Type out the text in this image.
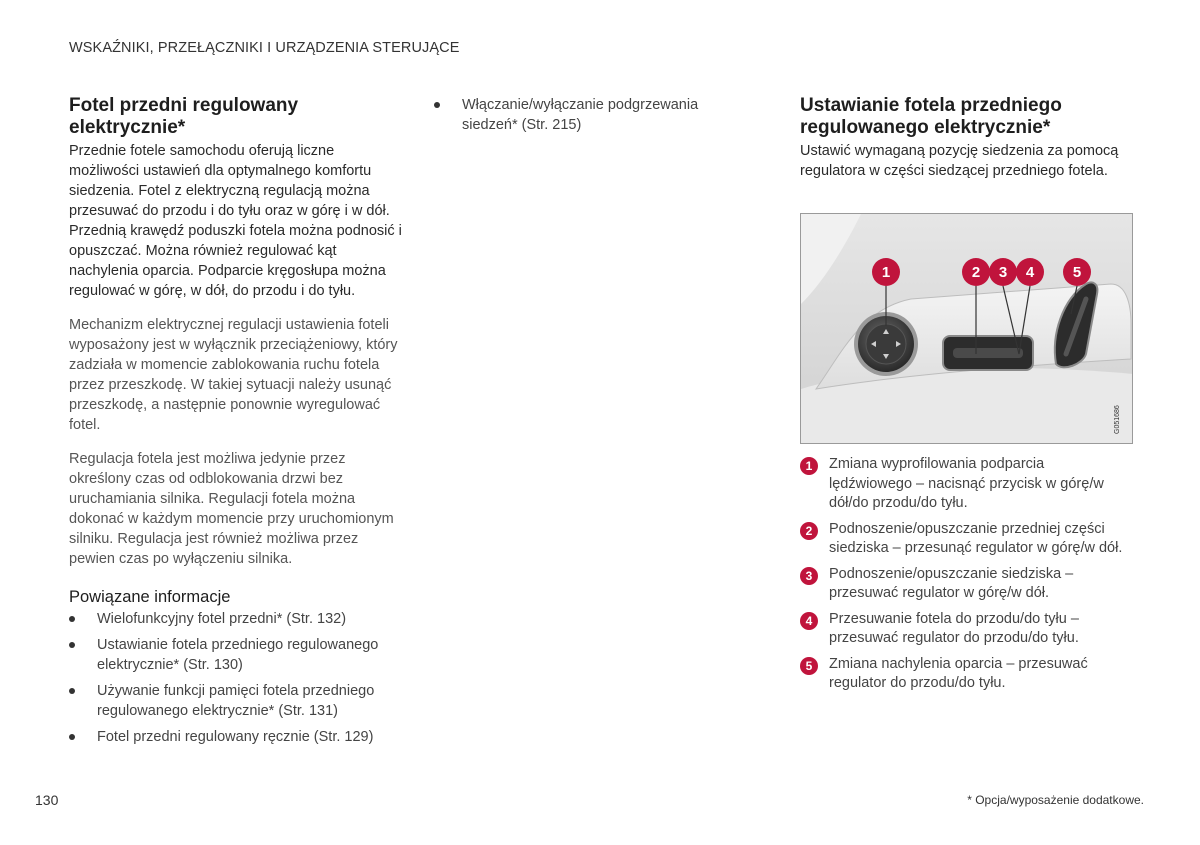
WSKAŹNIKI, PRZEŁĄCZNIKI I URZĄDZENIA STERUJĄCE
Fotel przedni regulowany elektrycznie*

Przednie fotele samochodu oferują liczne możliwości ustawień dla optymalnego komfortu siedzenia. Fotel z elektryczną regulacją można przesuwać do przodu i do tyłu oraz w górę i w dół. Przednią krawędź poduszki fotela można podnosić i opuszczać. Można również regulować kąt nachylenia oparcia. Podparcie kręgosłupa można regulować w górę, w dół, do przodu i do tyłu.

Mechanizm elektrycznej regulacji ustawienia foteli wyposażony jest w wyłącznik przeciążeniowy, który zadziała w momencie zablokowania ruchu fotela przez przeszkodę. W takiej sytuacji należy usunąć przeszkodę, a następnie ponownie wyregulować fotel.

Regulacja fotela jest możliwa jedynie przez określony czas od odblokowania drzwi bez uruchamiania silnika. Regulacji fotela można dokonać w każdym momencie przy uruchomionym silniku. Regulacja jest również możliwa przez pewien czas po wyłączeniu silnika.

Powiązane informacje
Wielofunkcyjny fotel przedni* (Str. 132)
Ustawianie fotela przedniego regulowanego elektrycznie* (Str. 130)
Używanie funkcji pamięci fotela przedniego regulowanego elektrycznie* (Str. 131)
Fotel przedni regulowany ręcznie (Str. 129)
Włączanie/wyłączanie podgrzewania siedzeń* (Str. 215)
Ustawianie fotela przedniego regulowanego elektrycznie*

Ustawić wymaganą pozycję siedzenia za pomocą regulatora w części siedzącej przedniego fotela.

1	2 3 4	5
G051686
1	Zmiana wyprofilowania podparcia lędźwiowego – nacisnąć przycisk w górę/w dół/do przodu/do tyłu.
2	Podnoszenie/opuszczanie przedniej części siedziska – przesunąć regulator w górę/w dół.
3	Podnoszenie/opuszczanie siedziska – przesuwać regulator w górę/w dół.
4	Przesuwanie fotela do przodu/do tyłu – przesuwać regulator do przodu/do tyłu.
5	Zmiana nachylenia oparcia – przesuwać regulator do przodu/do tyłu.
130	* Opcja/wyposażenie dodatkowe.
